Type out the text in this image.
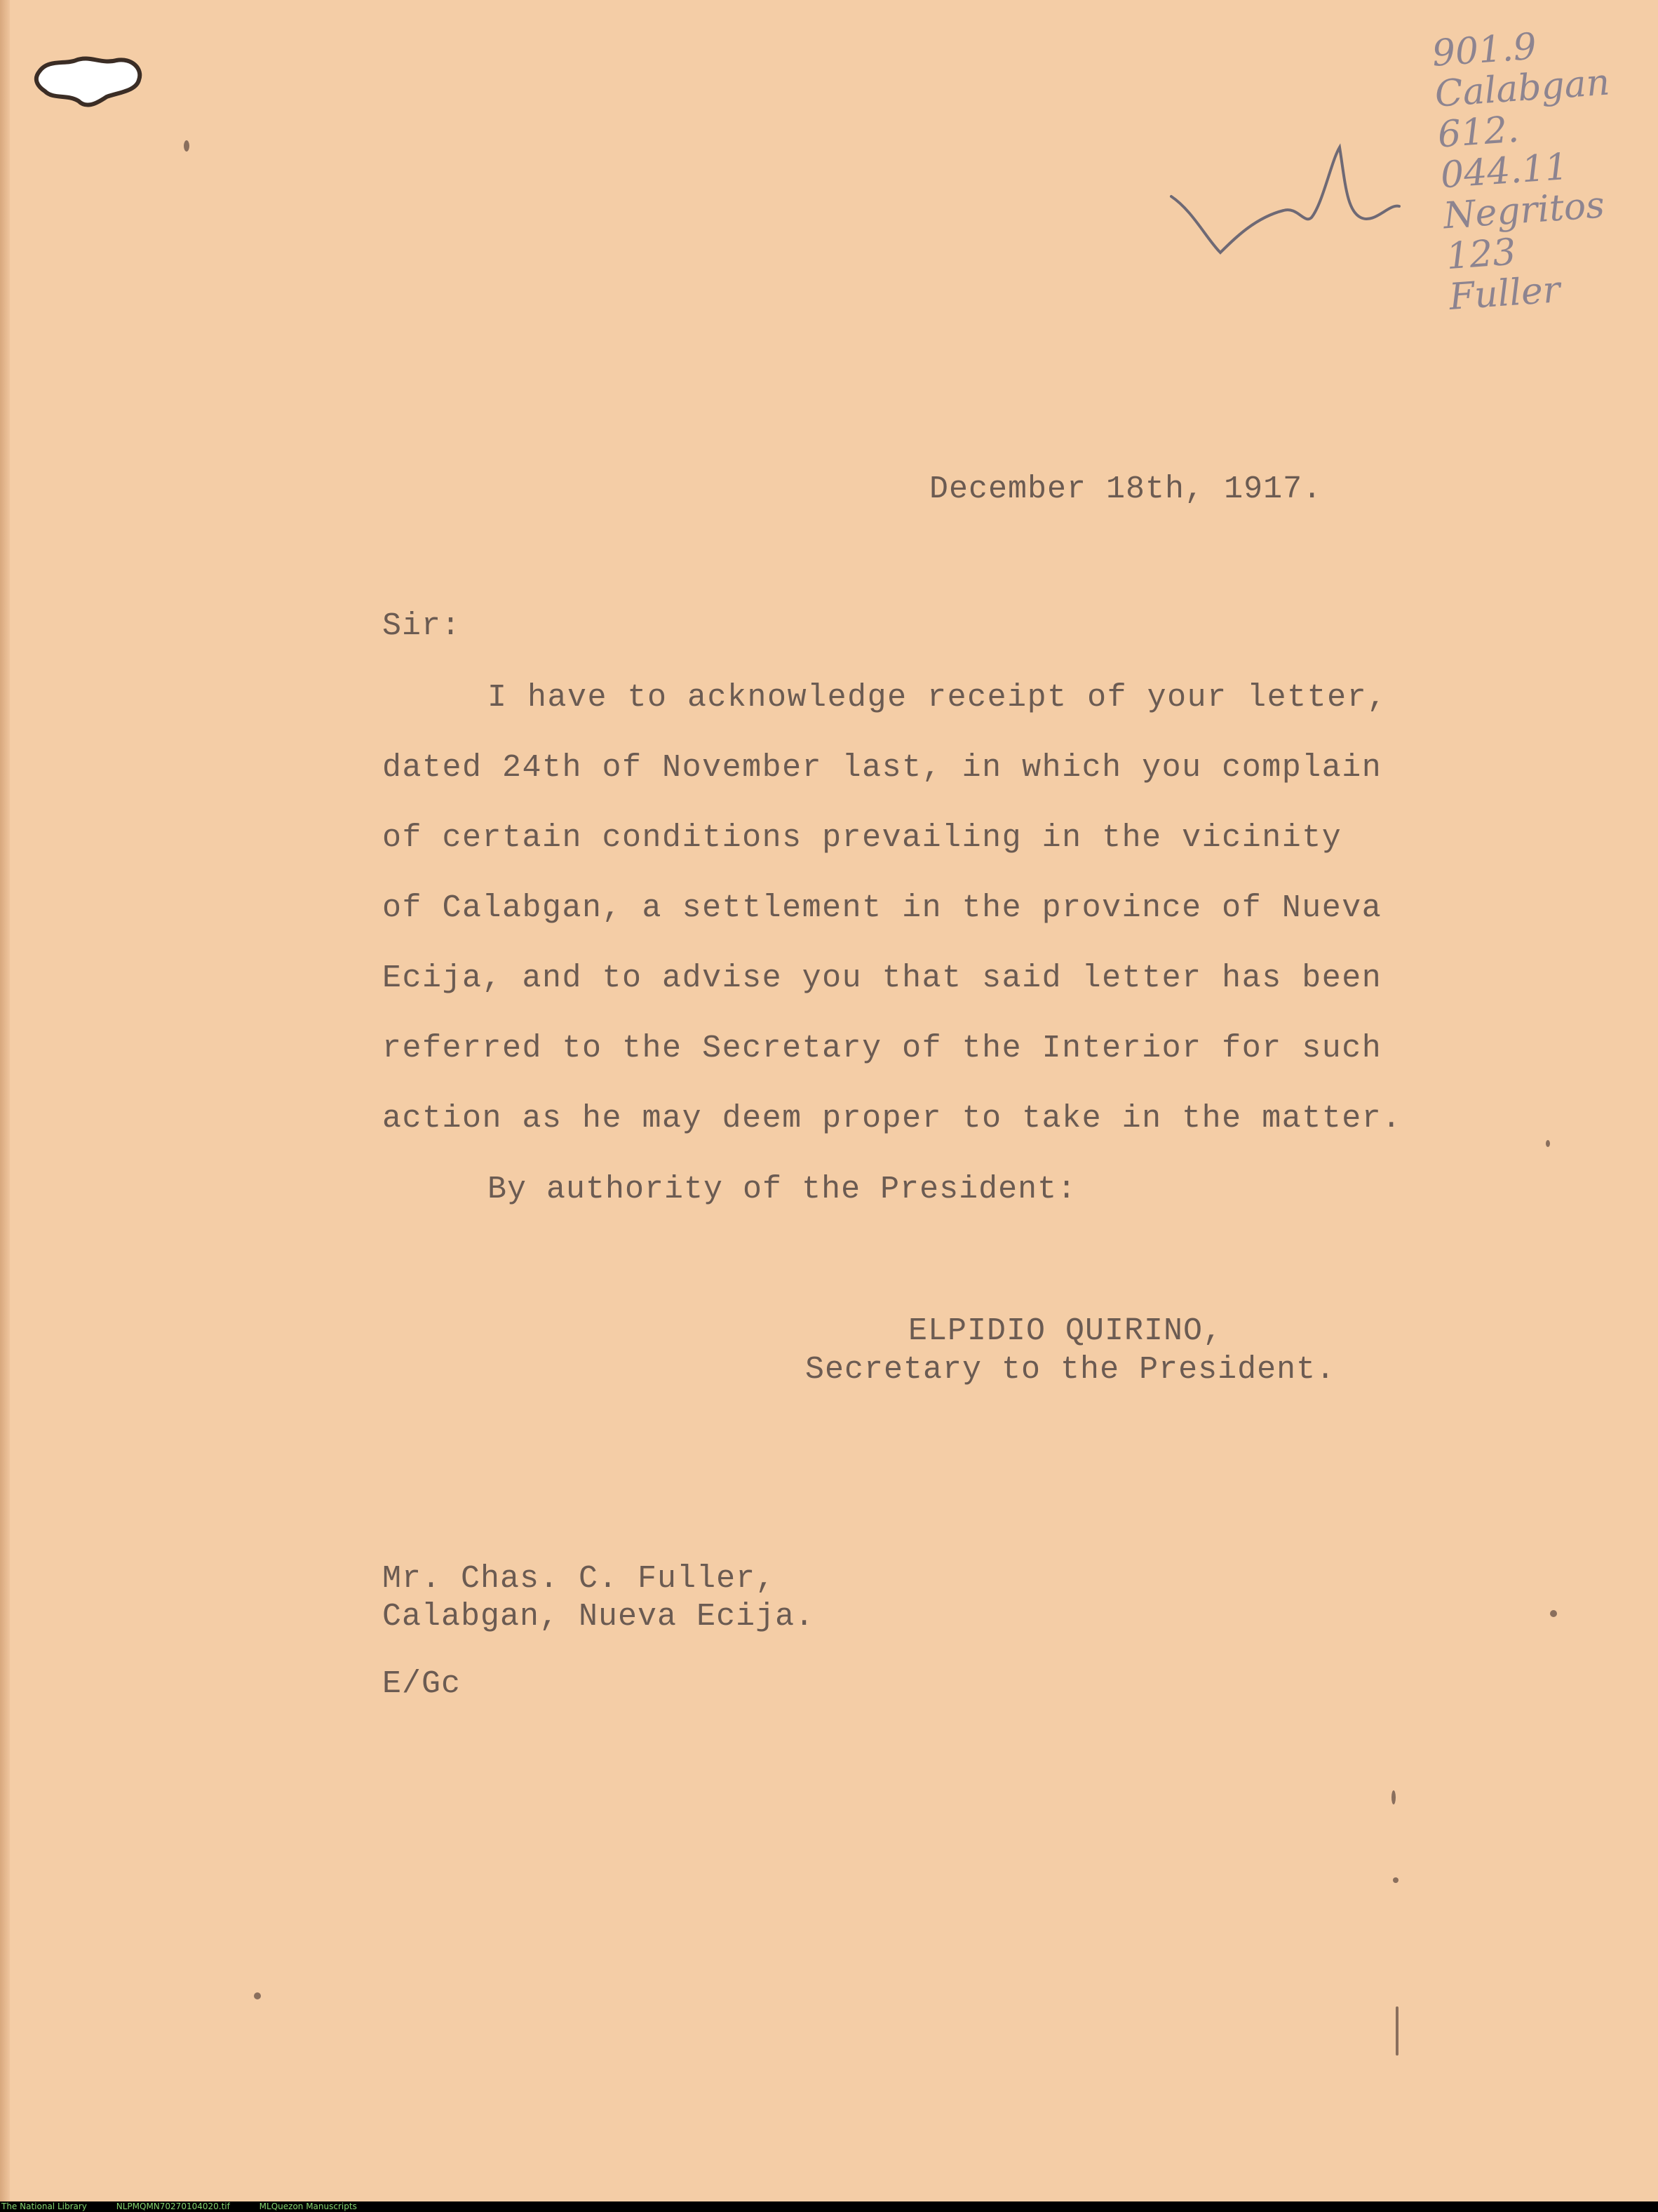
901.9
Calabgan
612.
044.11
Negritos
123
Fuller
December 18th, 1917.
Sir:
I have to acknowledge receipt of your letter,
dated 24th of November last, in which you complain
of certain conditions prevailing in the vicinity
of Calabgan, a settlement in the province of Nueva
Ecija, and to advise you that said letter has been
referred to the Secretary of the Interior for such
action as he may deem proper to take in the matter.
By authority of the President:
ELPIDIO QUIRINO,
Secretary to the President.
Mr. Chas. C. Fuller,
Calabgan, Nueva Ecija.
E/Gc
The National Library	NLPMQMN70270104020.tif	MLQuezon Manuscripts
